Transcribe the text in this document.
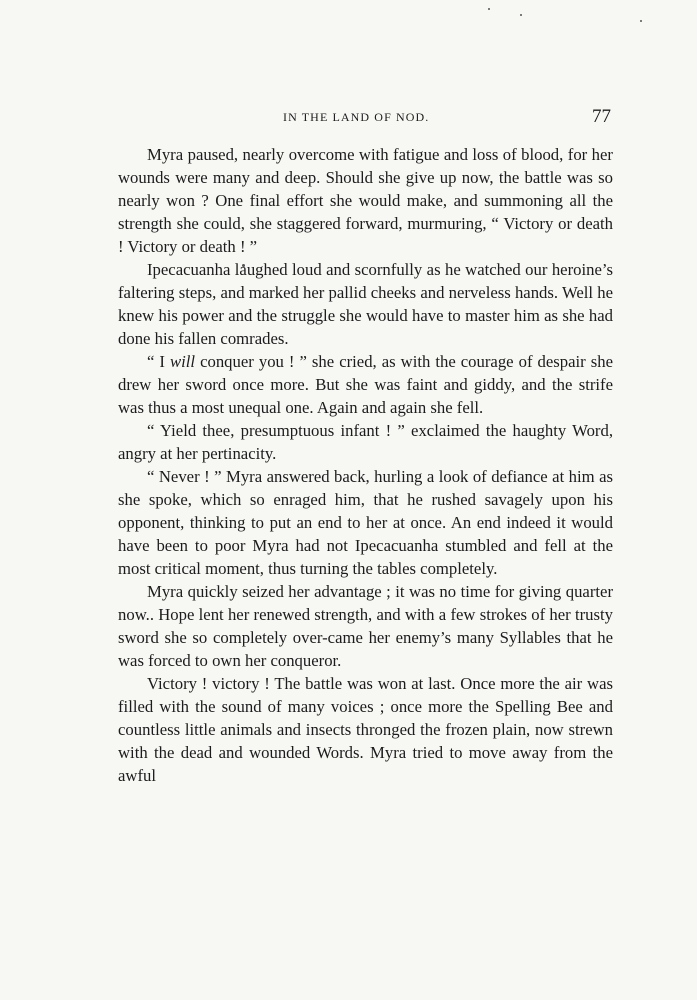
IN THE LAND OF NOD.	77

Myra paused, nearly overcome with fatigue and loss of blood, for her wounds were many and deep. Should she give up now, the battle was so nearly won ? One final effort she would make, and summoning all the strength she could, she staggered forward, murmuring, “ Victory or death ! Victory or death ! ”

Ipecacuanha laughed loud and scornfully as he watched our heroine’s faltering steps, and marked her pallid cheeks and nerveless hands. Well he knew his power and the struggle she would have to master him as she had done his fallen comrades.

“ I will conquer you ! ” she cried, as with the courage of despair she drew her sword once more. But she was faint and giddy, and the strife was thus a most unequal one. Again and again she fell.

“ Yield thee, presumptuous infant ! ” exclaimed the haughty Word, angry at her pertinacity.

“ Never ! ” Myra answered back, hurling a look of defiance at him as she spoke, which so enraged him, that he rushed savagely upon his opponent, thinking to put an end to her at once. An end indeed it would have been to poor Myra had not Ipecacuanha stumbled and fell at the most critical moment, thus turning the tables completely.

Myra quickly seized her advantage ; it was no time for giving quarter now.. Hope lent her renewed strength, and with a few strokes of her trusty sword she so completely over-came her enemy’s many Syllables that he was forced to own her conqueror.

Victory ! victory ! The battle was won at last. Once more the air was filled with the sound of many voices ; once more the Spelling Bee and countless little animals and insects thronged the frozen plain, now strewn with the dead and wounded Words. Myra tried to move away from the awful
